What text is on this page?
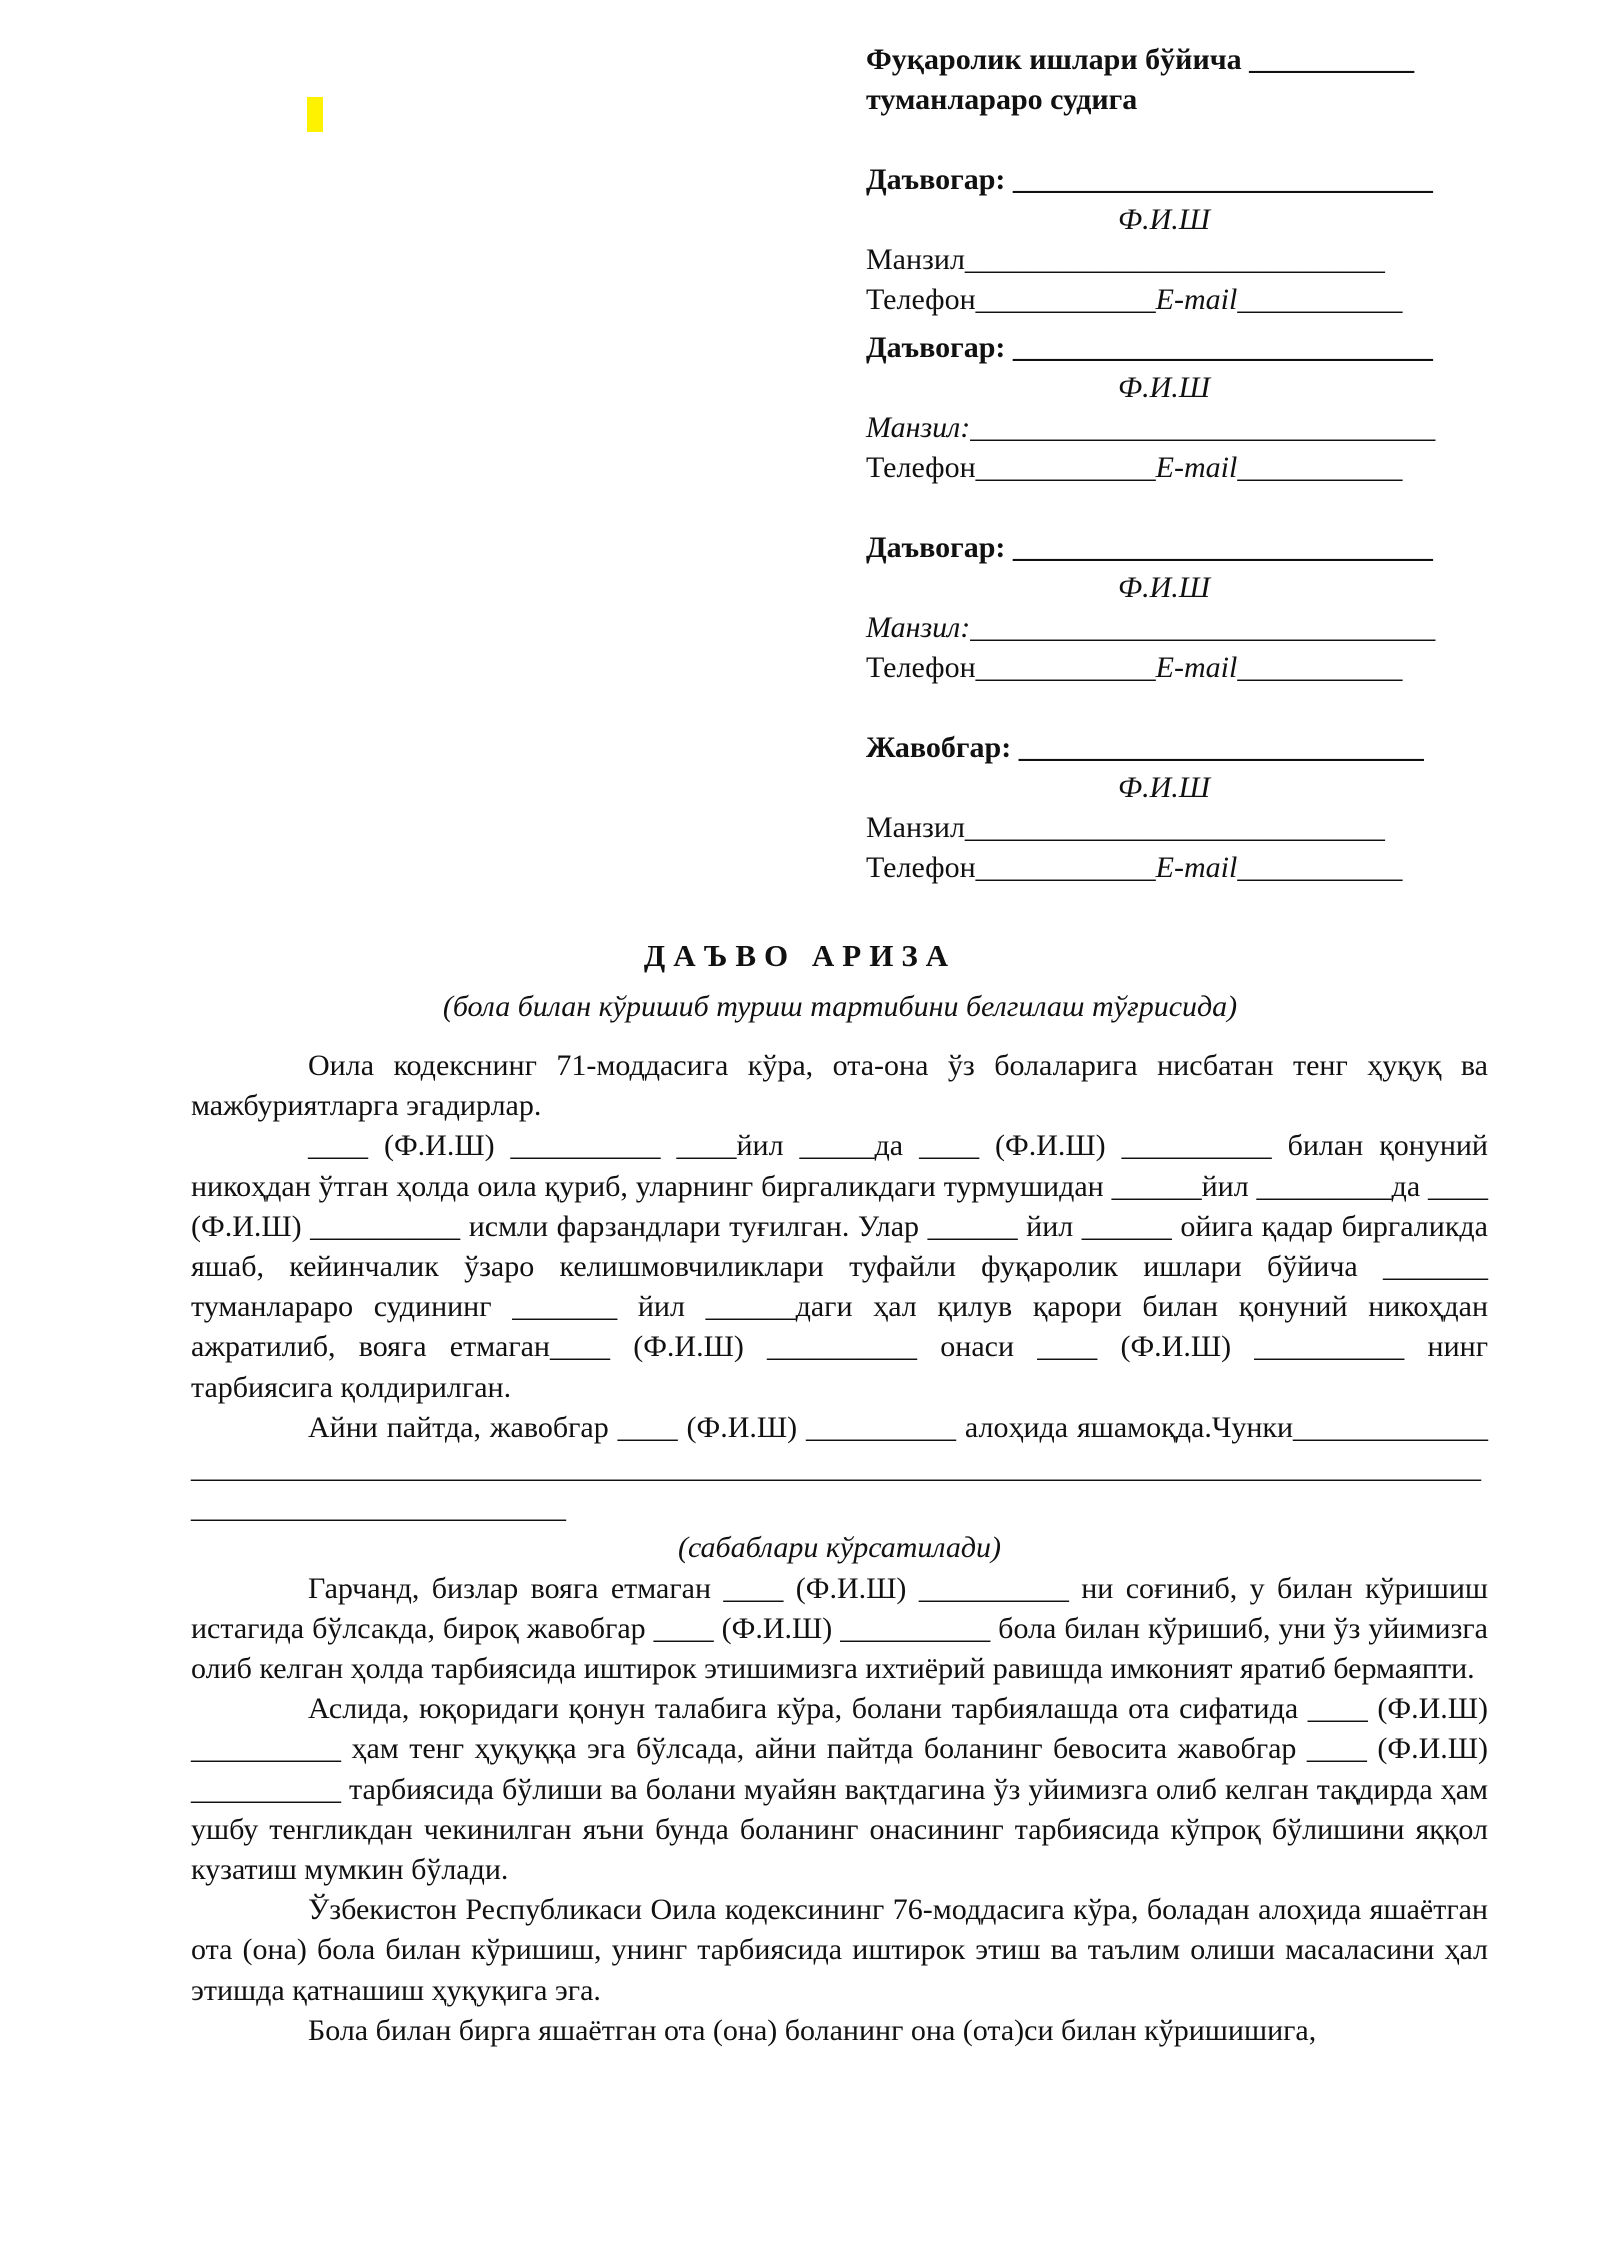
Фуқаролик ишлари бўйича ___________
туманлараро судига
Даъвогар: ____________________________
Ф.И.Ш
Манзил____________________________
Телефон____________E-mail___________
Даъвогар: ____________________________
Ф.И.Ш
Манзил:_______________________________
Телефон____________E-mail___________
Даъвогар: ____________________________
Ф.И.Ш
Манзил:_______________________________
Телефон____________E-mail___________
Жавобгар: ___________________________
Ф.И.Ш
Манзил____________________________
Телефон____________E-mail___________
ДАЪВО АРИЗА
(бола билан кўришиб туриш тартибини белгилаш тўғрисида)

Оила кодекснинг 71-моддасига кўра, ота-она ўз болаларига нисбатан тенг ҳуқуқ ва мажбуриятларга эгадирлар.

____ (Ф.И.Ш) __________ ____йил _____да ____ (Ф.И.Ш) __________ билан қонуний никоҳдан ўтган ҳолда оила қуриб, уларнинг биргаликдаги турмушидан ______йил _________да ____ (Ф.И.Ш) __________ исмли фарзандлари туғилган. Улар ______ йил ______ ойига қадар биргаликда яшаб, кейинчалик ўзаро келишмовчиликлари туфайли фуқаролик ишлари бўйича _______ туманлараро судининг _______ йил ______даги ҳал қилув қарори билан қонуний никоҳдан ажратилиб, вояга етмаган____ (Ф.И.Ш) __________ онаси ____ (Ф.И.Ш) __________ нинг тарбиясига қолдирилган.

Айни пайтда, жавобгар ____ (Ф.И.Ш) __________ алоҳида яшамоқда.Чунки____________________________________________________________________________________________________________________________

(сабаблари кўрсатилади)

Гарчанд, бизлар вояга етмаган ____ (Ф.И.Ш) __________ ни соғиниб, у билан кўришиш истагида бўлсакда, бироқ жавобгар ____ (Ф.И.Ш) __________ бола билан кўришиб, уни ўз уйимизга олиб келган ҳолда тарбиясида иштирок этишимизга ихтиёрий равишда имконият яратиб бермаяпти.

Аслида, юқоридаги қонун талабига кўра, болани тарбиялашда ота сифатида ____ (Ф.И.Ш) __________ ҳам тенг ҳуқуққа эга бўлсада, айни пайтда боланинг бевосита жавобгар ____ (Ф.И.Ш) __________ тарбиясида бўлиши ва болани муайян вақтдагина ўз уйимизга олиб келган тақдирда ҳам ушбу тенгликдан чекинилган яъни бунда боланинг онасининг тарбиясида кўпроқ бўлишини яққол кузатиш мумкин бўлади.

Ўзбекистон Республикаси Оила кодексининг 76-моддасига кўра, боладан алоҳида яшаётган ота (она) бола билан кўришиш, унинг тарбиясида иштирок этиш ва таълим олиши масаласини ҳал этишда қатнашиш ҳуқуқига эга.

Бола билан бирга яшаётган ота (она) боланинг она (ота)си билан кўришишига,
